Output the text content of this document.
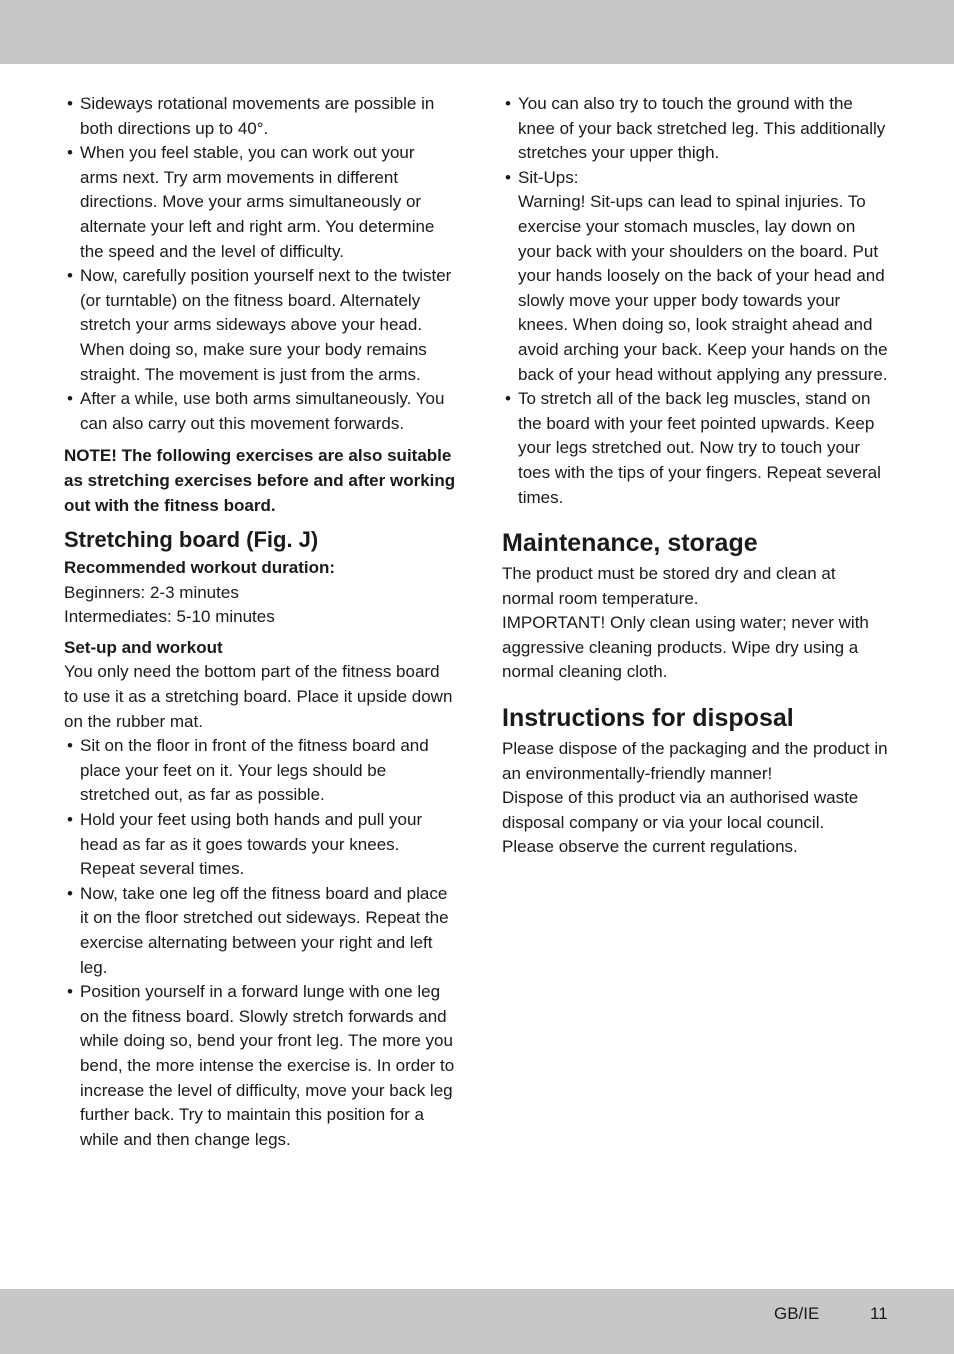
• Sideways rotational movements are possible in both directions up to 40°.
• When you feel stable, you can work out your arms next. Try arm movements in different directions. Move your arms simultaneously or alternate your left and right arm. You determine the speed and the level of difficulty.
• Now, carefully position yourself next to the twister (or turntable) on the fitness board. Alternately stretch your arms sideways above your head. When doing so, make sure your body remains straight. The movement is just from the arms.
• After a while, use both arms simultaneously. You can also carry out this movement forwards.

NOTE! The following exercises are also suitable as stretching exercises before and after working out with the fitness board.

Stretching board (Fig. J)

Recommended workout duration:

Beginners: 2-3 minutes

Intermediates: 5-10 minutes

Set-up and workout

You only need the bottom part of the fitness board to use it as a stretching board. Place it upside down on the rubber mat.

• Sit on the floor in front of the fitness board and place your feet on it. Your legs should be stretched out, as far as possible.
• Hold your feet using both hands and pull your head as far as it goes towards your knees. Repeat several times.
• Now, take one leg off the fitness board and place it on the floor stretched out sideways. Repeat the exercise alternating between your right and left leg.
• Position yourself in a forward lunge with one leg on the fitness board. Slowly stretch forwards and while doing so, bend your front leg. The more you bend, the more intense the exercise is. In order to increase the level of difficulty, move your back leg further back. Try to maintain this position for a while and then change legs.
• You can also try to touch the ground with the knee of your back stretched leg. This additionally stretches your upper thigh.
• Sit-Ups:
Warning! Sit-ups can lead to spinal injuries. To exercise your stomach muscles, lay down on your back with your shoulders on the board. Put your hands loosely on the back of your head and slowly move your upper body towards your knees. When doing so, look straight ahead and avoid arching your back. Keep your hands on the back of your head without applying any pressure.
• To stretch all of the back leg muscles, stand on the board with your feet pointed upwards. Keep your legs stretched out. Now try to touch your toes with the tips of your fingers. Repeat several times.
Maintenance, storage

The product must be stored dry and clean at normal room temperature.

IMPORTANT! Only clean using water; never with aggressive cleaning products. Wipe dry using a normal cleaning cloth.

Instructions for disposal

Please dispose of the packaging and the product in an environmentally-friendly manner!

Dispose of this product via an authorised waste disposal company or via your local council.

Please observe the current regulations.

GB/IE	11
